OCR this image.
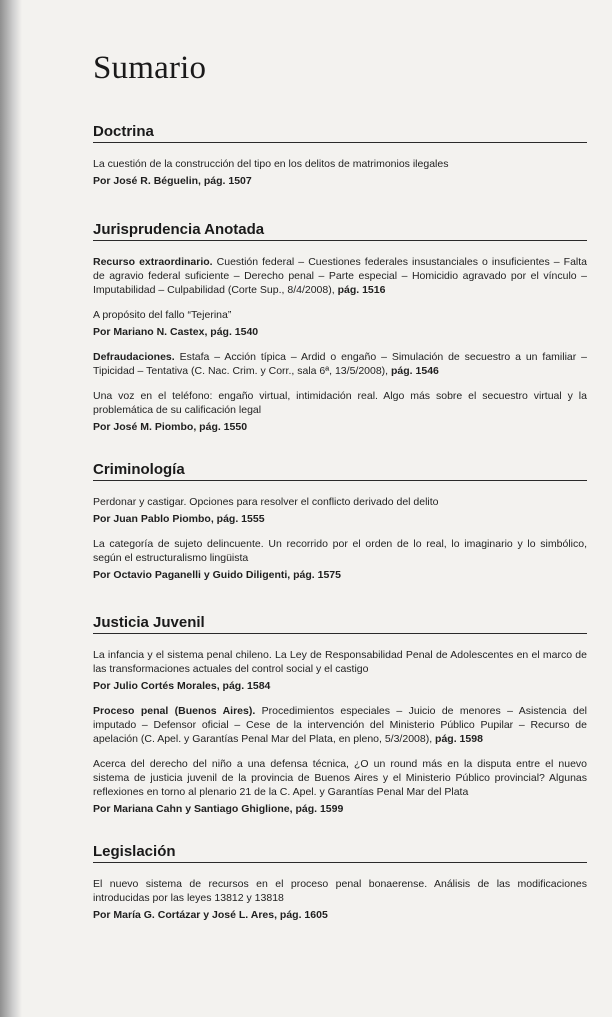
Sumario
Doctrina
La cuestión de la construcción del tipo en los delitos de matrimonios ilegales
Por José R. Béguelin, pág. 1507
Jurisprudencia Anotada
Recurso extraordinario. Cuestión federal – Cuestiones federales insustanciales o insuficientes – Falta de agravio federal suficiente – Derecho penal – Parte especial – Homicidio agravado por el vínculo – Imputabilidad – Culpabilidad (Corte Sup., 8/4/2008), pág. 1516
A propósito del fallo “Tejerina”
Por Mariano N. Castex, pág. 1540
Defraudaciones. Estafa – Acción típica – Ardid o engaño – Simulación de secuestro a un familiar – Tipicidad – Tentativa (C. Nac. Crim. y Corr., sala 6ª, 13/5/2008), pág. 1546
Una voz en el teléfono: engaño virtual, intimidación real. Algo más sobre el secuestro virtual y la problemática de su calificación legal
Por José M. Piombo, pág. 1550
Criminología
Perdonar y castigar. Opciones para resolver el conflicto derivado del delito
Por Juan Pablo Piombo, pág. 1555
La categoría de sujeto delincuente. Un recorrido por el orden de lo real, lo imaginario y lo simbólico, según el estructuralismo lingüista
Por Octavio Paganelli y Guido Diligenti, pág. 1575
Justicia Juvenil
La infancia y el sistema penal chileno. La Ley de Responsabilidad Penal de Adolescentes en el marco de las transformaciones actuales del control social y el castigo
Por Julio Cortés Morales, pág. 1584
Proceso penal (Buenos Aires). Procedimientos especiales – Juicio de menores – Asistencia del imputado – Defensor oficial – Cese de la intervención del Ministerio Público Pupilar – Recurso de apelación (C. Apel. y Garantías Penal Mar del Plata, en pleno, 5/3/2008), pág. 1598
Acerca del derecho del niño a una defensa técnica, ¿O un round más en la disputa entre el nuevo sistema de justicia juvenil de la provincia de Buenos Aires y el Ministerio Público provincial? Algunas reflexiones en torno al plenario 21 de la C. Apel. y Garantías Penal Mar del Plata
Por Mariana Cahn y Santiago Ghiglione, pág. 1599
Legislación
El nuevo sistema de recursos en el proceso penal bonaerense. Análisis de las modificaciones introducidas por las leyes 13812 y 13818
Por María G. Cortázar y José L. Ares, pág. 1605
